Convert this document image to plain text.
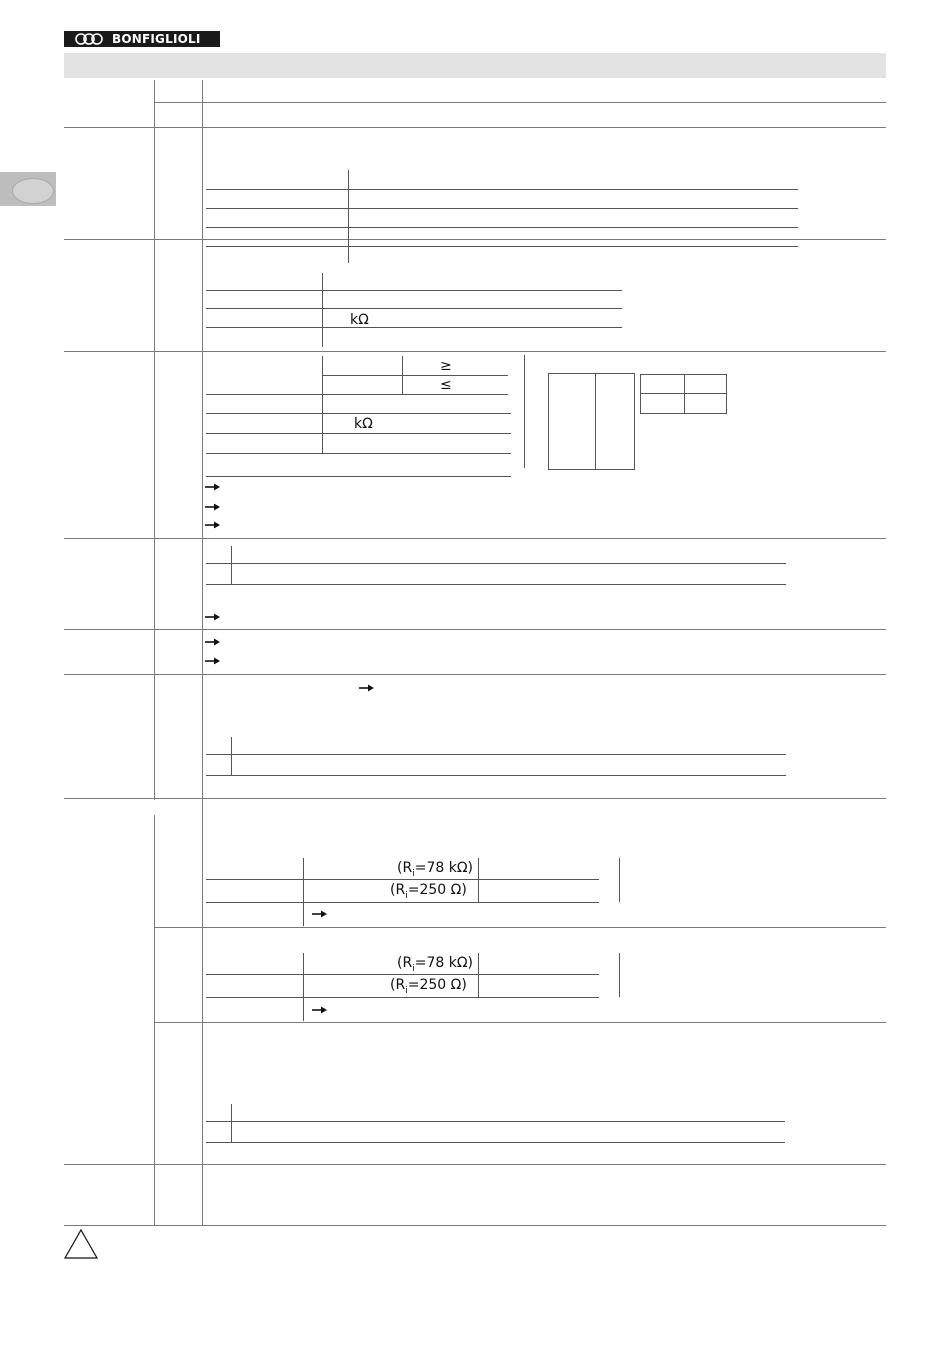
BONFIGLIOLI
kΩ
≥
≤
kΩ
($R_i=78$ kΩ)
($R_i=250$ Ω)
($R_i=78$ kΩ)
($R_i=250$ Ω)
